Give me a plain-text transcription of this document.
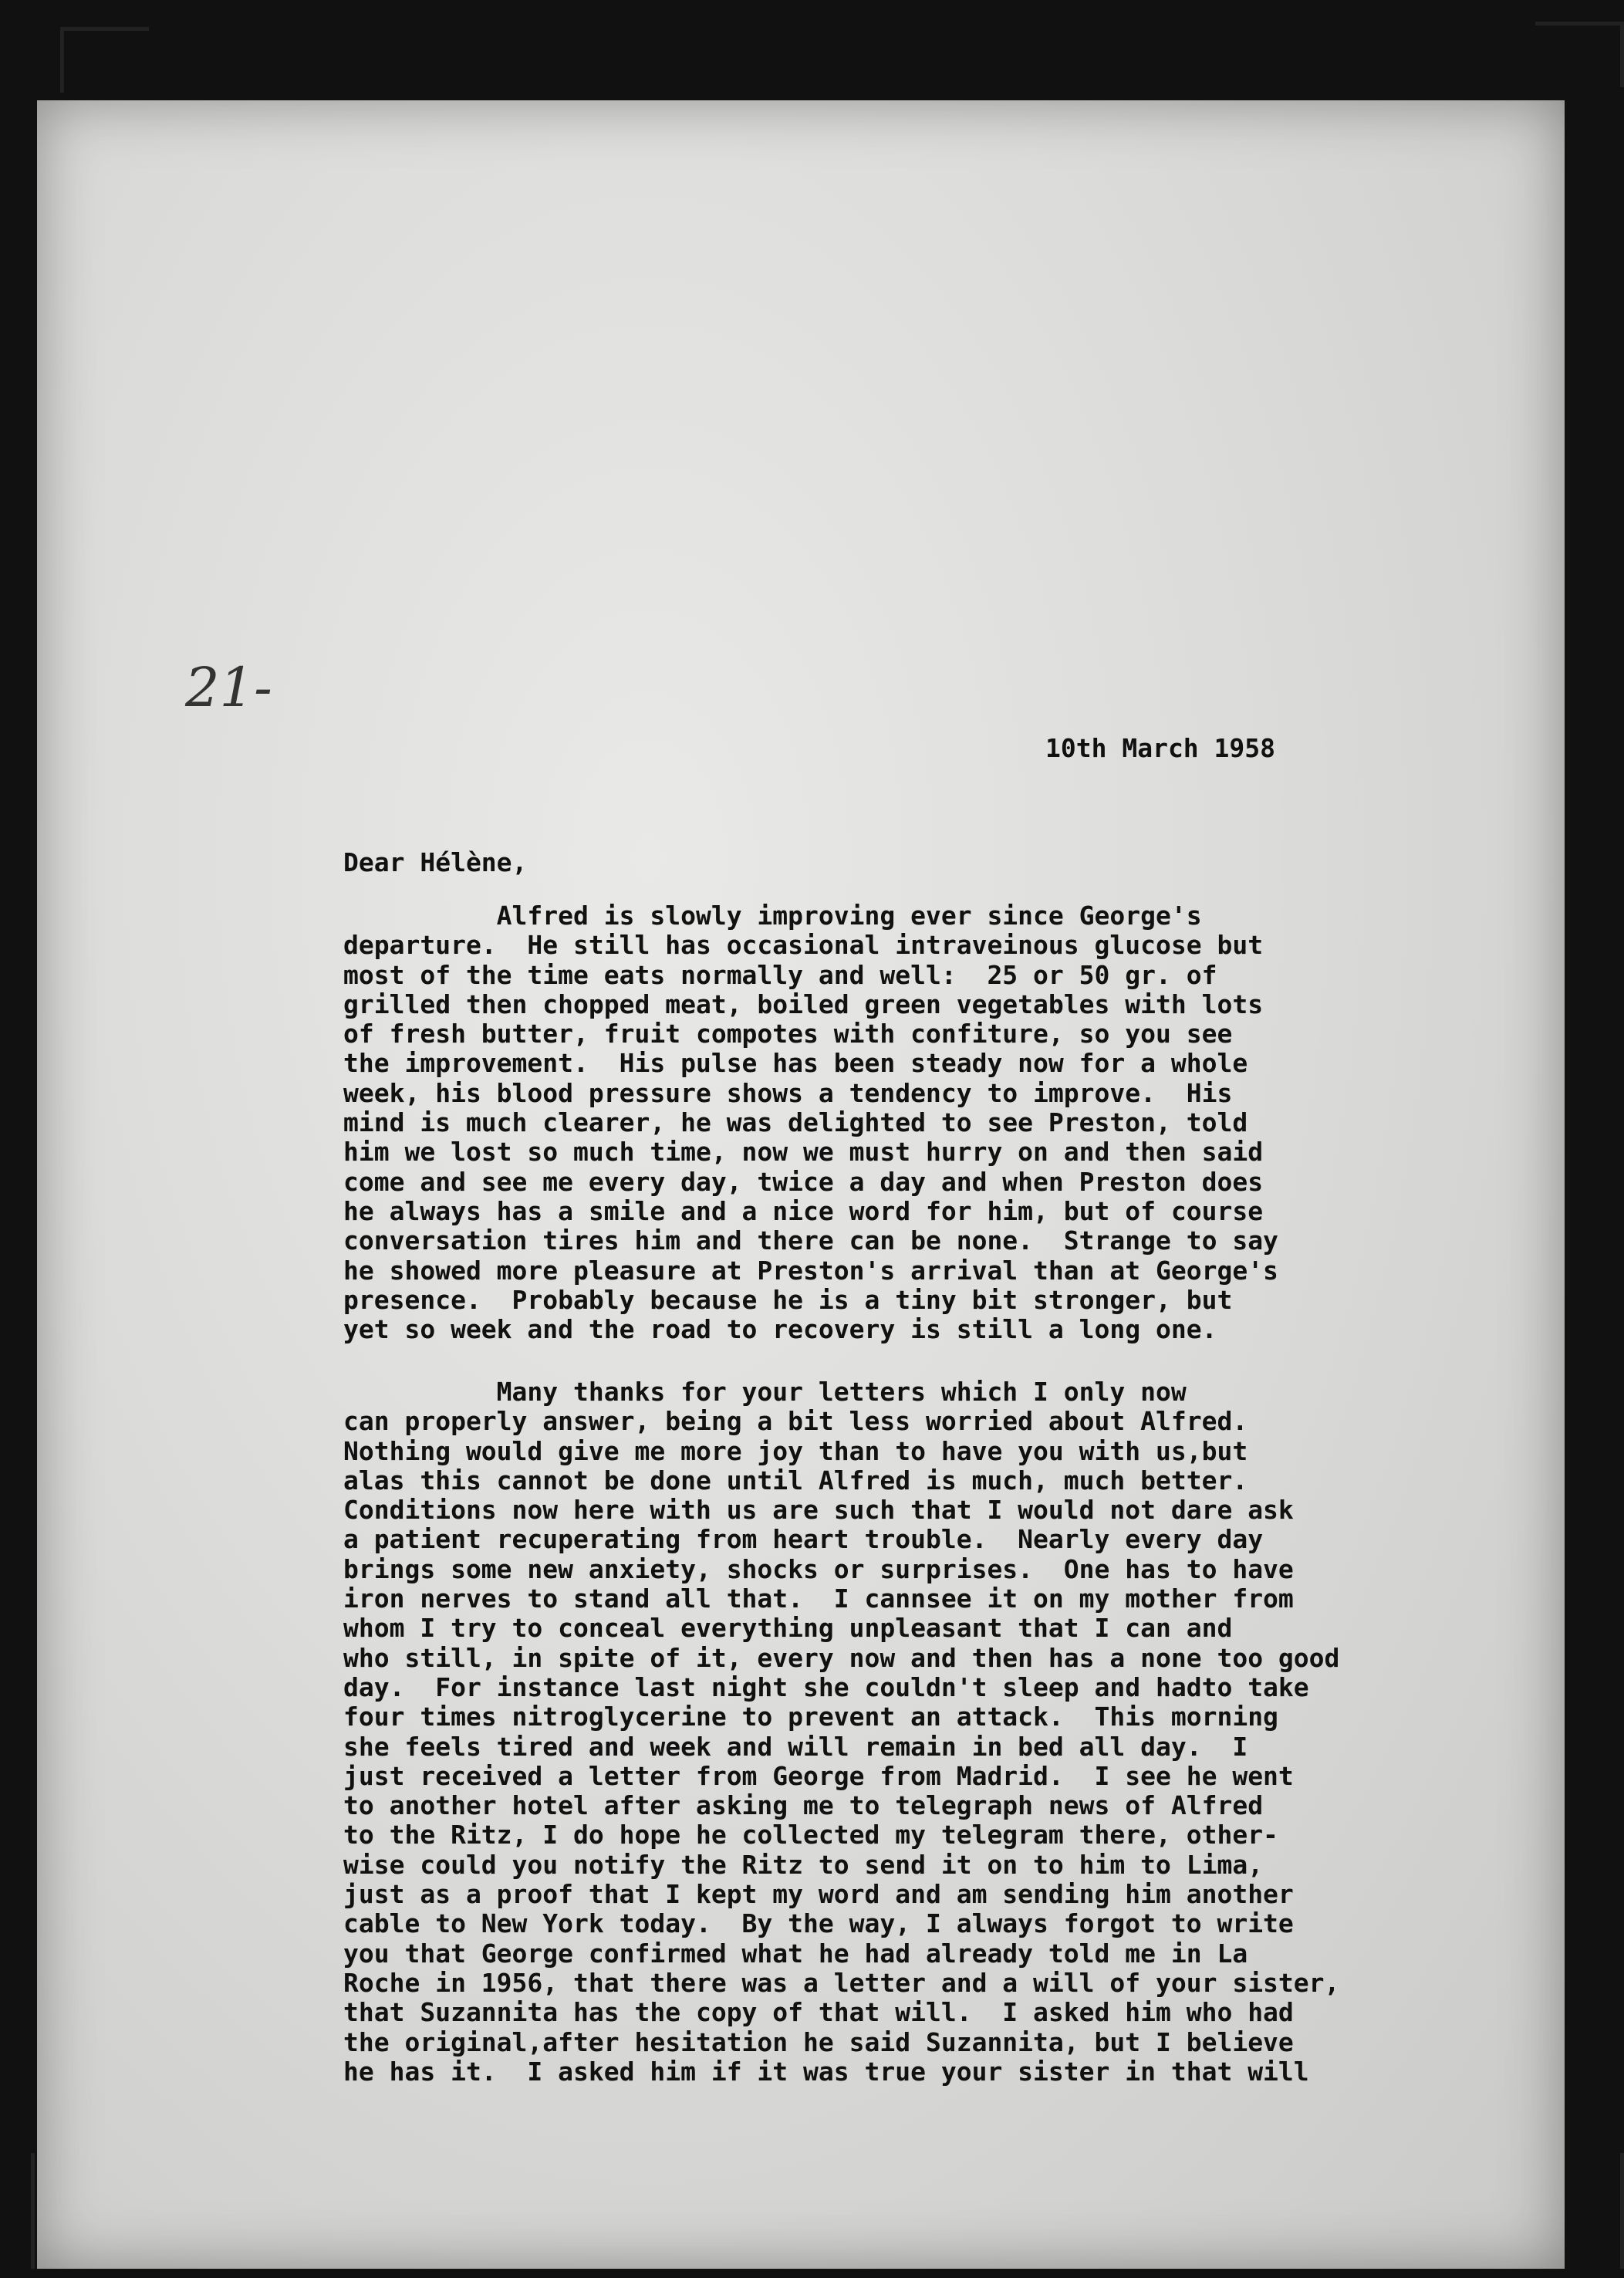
21-
10th March 1958
Dear Hélène,
Alfred is slowly improving ever since George's
departure.  He still has occasional intraveinous glucose but
most of the time eats normally and well:  25 or 50 gr. of
grilled then chopped meat, boiled green vegetables with lots
of fresh butter, fruit compotes with confiture, so you see
the improvement.  His pulse has been steady now for a whole
week, his blood pressure shows a tendency to improve.  His
mind is much clearer, he was delighted to see Preston, told
him we lost so much time, now we must hurry on and then said
come and see me every day, twice a day and when Preston does
he always has a smile and a nice word for him, but of course
conversation tires him and there can be none.  Strange to say
he showed more pleasure at Preston's arrival than at George's
presence.  Probably because he is a tiny bit stronger, but
yet so week and the road to recovery is still a long one.
Many thanks for your letters which I only now
can properly answer, being a bit less worried about Alfred.
Nothing would give me more joy than to have you with us,but
alas this cannot be done until Alfred is much, much better.
Conditions now here with us are such that I would not dare ask
a patient recuperating from heart trouble.  Nearly every day
brings some new anxiety, shocks or surprises.  One has to have
iron nerves to stand all that.  I cannsee it on my mother from
whom I try to conceal everything unpleasant that I can and
who still, in spite of it, every now and then has a none too good
day.  For instance last night she couldn't sleep and hadto take
four times nitroglycerine to prevent an attack.  This morning
she feels tired and week and will remain in bed all day.  I
just received a letter from George from Madrid.  I see he went
to another hotel after asking me to telegraph news of Alfred
to the Ritz, I do hope he collected my telegram there, other-
wise could you notify the Ritz to send it on to him to Lima,
just as a proof that I kept my word and am sending him another
cable to New York today.  By the way, I always forgot to write
you that George confirmed what he had already told me in La
Roche in 1956, that there was a letter and a will of your sister,
that Suzannita has the copy of that will.  I asked him who had
the original,after hesitation he said Suzannita, but I believe
he has it.  I asked him if it was true your sister in that will
